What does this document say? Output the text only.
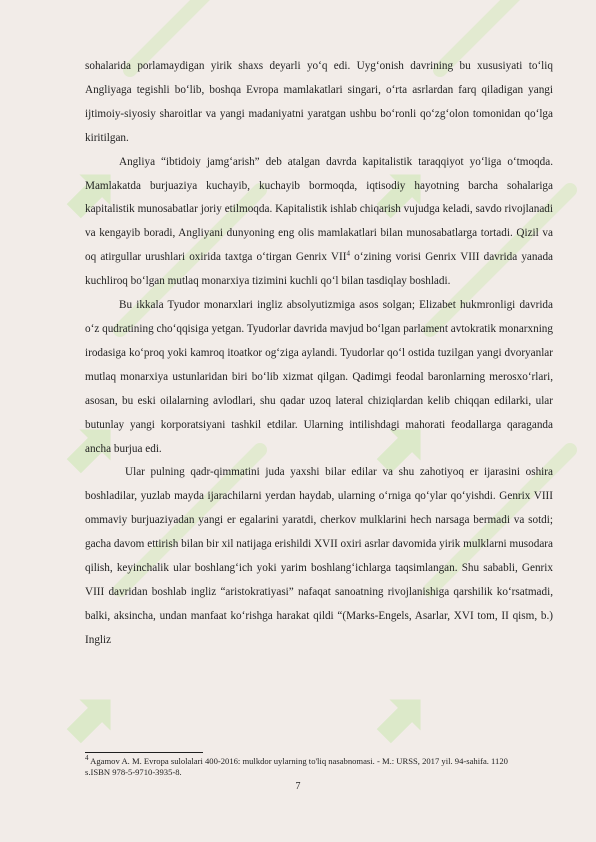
sohalarida porlamaydigan yirik shaxs deyarli yo‘q edi. Uyg‘onish davrining bu xususiyati to‘liq Angliyaga tegishli bo‘lib, boshqa Evropa mamlakatlari singari, o‘rta asrlardan farq qiladigan yangi ijtimoiy-siyosiy sharoitlar va yangi madaniyatni yaratgan ushbu bo‘ronli qo‘zg‘olon tomonidan qo‘lga kiritilgan.

Angliya “ibtidoiy jamg‘arish” deb atalgan davrda kapitalistik taraqqiyot yo‘liga o‘tmoqda. Mamlakatda burjuaziya kuchayib, kuchayib bormoqda, iqtisodiy hayotning barcha sohalariga kapitalistik munosabatlar joriy etilmoqda. Kapitalistik ishlab chiqarish vujudga keladi, savdo rivojlanadi va kengayib boradi, Angliyani dunyoning eng olis mamlakatlari bilan munosabatlarga tortadi. Qizil va oq atirgullar urushlari oxirida taxtga o‘tirgan Genrix VII$^4$ o‘zining vorisi Genrix VIII davrida yanada kuchliroq bo‘lgan mutlaq monarxiya tizimini kuchli qo‘l bilan tasdiqlay boshladi.

Bu ikkala Tyudor monarxlari ingliz absolyutizmiga asos solgan; Elizabet hukmronligi davrida o‘z qudratining cho‘qqisiga yetgan. Tyudorlar davrida mavjud bo‘lgan parlament avtokratik monarxning irodasiga ko‘proq yoki kamroq itoatkor og‘ziga aylandi. Tyudorlar qo‘l ostida tuzilgan yangi dvoryanlar mutlaq monarxiya ustunlaridan biri bo‘lib xizmat qilgan. Qadimgi feodal baronlarning merosxo‘rlari, asosan, bu eski oilalarning avlodlari, shu qadar uzoq lateral chiziqlardan kelib chiqqan edilarki, ular butunlay yangi korporatsiyani tashkil etdilar. Ularning intilishdagi mahorati feodallarga qaraganda ancha burjua edi.

Ular pulning qadr-qimmatini juda yaxshi bilar edilar va shu zahotiyoq er ijarasini oshira boshladilar, yuzlab mayda ijarachilarni yerdan haydab, ularning o‘rniga qo‘ylar qo‘yishdi. Genrix VIII ommaviy burjuaziyadan yangi er egalarini yaratdi, cherkov mulklarini hech narsaga bermadi va sotdi; gacha davom ettirish bilan bir xil natijaga erishildi XVII oxiri asrlar davomida yirik mulklarni musodara qilish, keyinchalik ular boshlang‘ich yoki yarim boshlang‘ichlarga taqsimlangan. Shu sababli, Genrix VIII davridan boshlab ingliz “aristokratiyasi” nafaqat sanoatning rivojlanishiga qarshilik ko‘rsatmadi, balki, aksincha, undan manfaat ko‘rishga harakat qildi “(Marks-Engels, Asarlar, XVI tom, II qism, b.) Ingliz

$^4$ Agamov A. M. Evropa sulolalari 400-2016: mulkdor uylarning to'liq nasabnomasi. - M.: URSS, 2017 yil. 94-sahifa. 1120 s.ISBN 978-5-9710-3935-8.
7
